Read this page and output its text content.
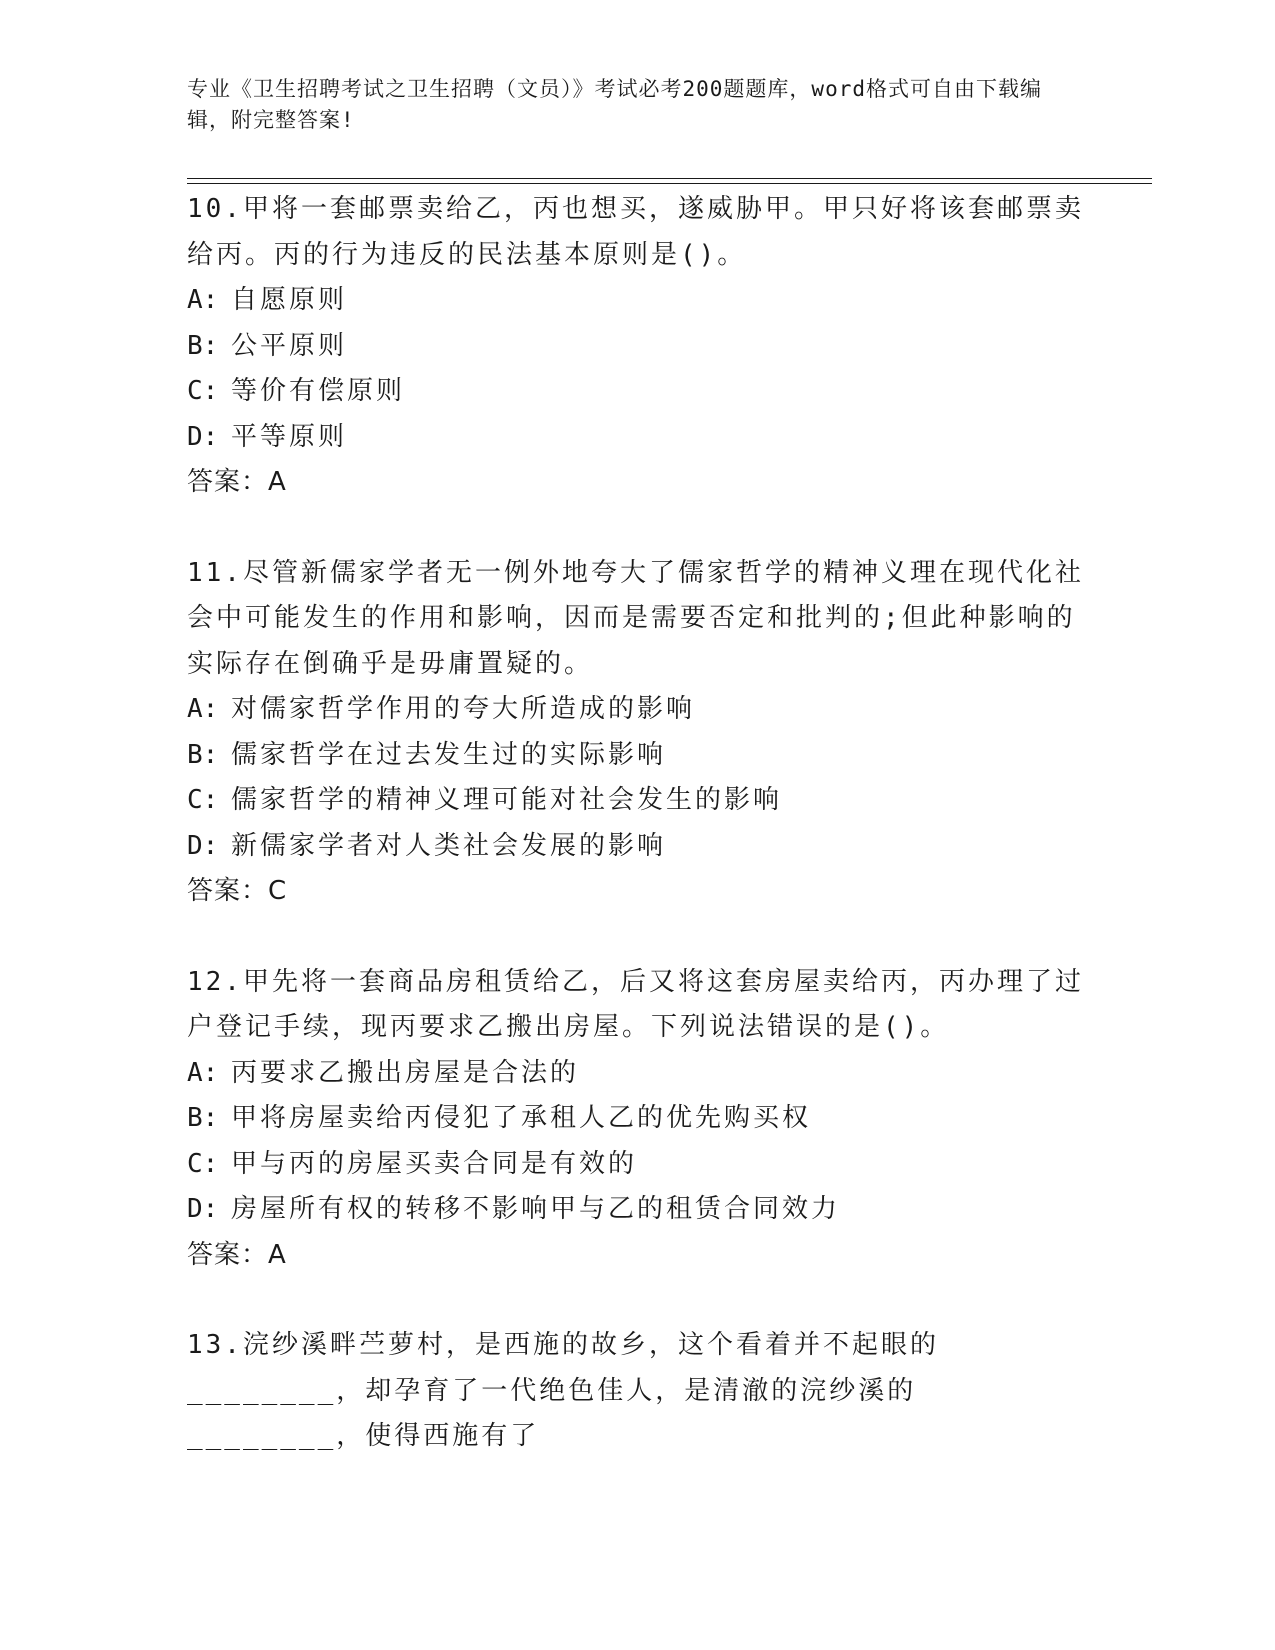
专业《卫生招聘考试之卫生招聘（文员）》考试必考200题题库，word格式可自由下载编辑，附完整答案!

10.甲将一套邮票卖给乙，丙也想买，遂威胁甲。甲只好将该套邮票卖给丙。丙的行为违反的民法基本原则是()。

A: 自愿原则

B: 公平原则

C: 等价有偿原则

D: 平等原则

答案：A

11.尽管新儒家学者无一例外地夸大了儒家哲学的精神义理在现代化社会中可能发生的作用和影响，因而是需要否定和批判的;但此种影响的实际存在倒确乎是毋庸置疑的。

A: 对儒家哲学作用的夸大所造成的影响

B: 儒家哲学在过去发生过的实际影响

C: 儒家哲学的精神义理可能对社会发生的影响

D: 新儒家学者对人类社会发展的影响

答案：C

12.甲先将一套商品房租赁给乙，后又将这套房屋卖给丙，丙办理了过户登记手续，现丙要求乙搬出房屋。下列说法错误的是()。

A: 丙要求乙搬出房屋是合法的

B: 甲将房屋卖给丙侵犯了承租人乙的优先购买权

C: 甲与丙的房屋买卖合同是有效的

D: 房屋所有权的转移不影响甲与乙的租赁合同效力

答案：A

13.浣纱溪畔苎萝村，是西施的故乡，这个看着并不起眼的________，却孕育了一代绝色佳人，是清澈的浣纱溪的________，使得西施有了
